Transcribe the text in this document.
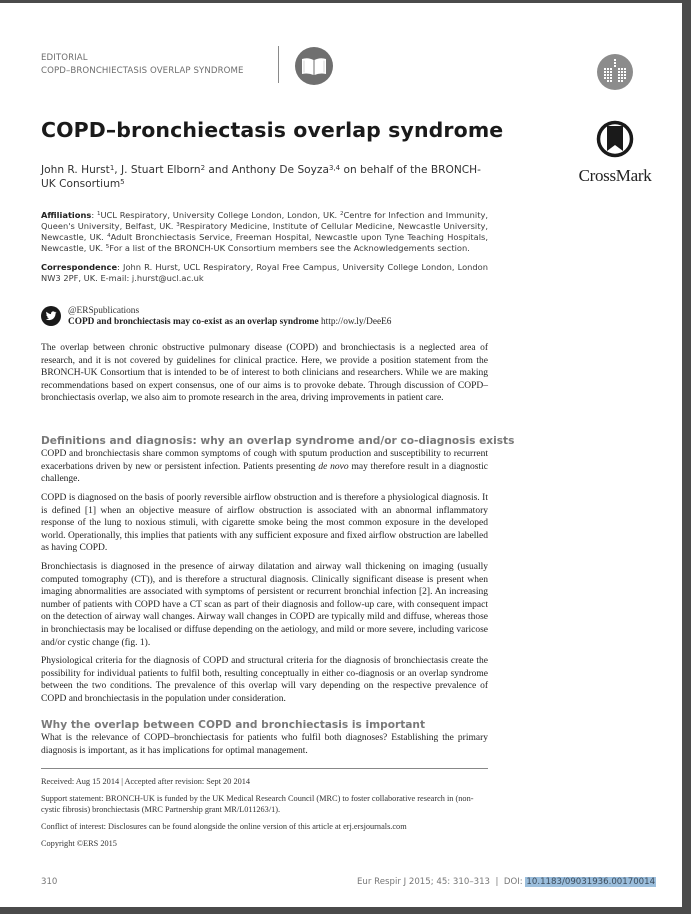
EDITORIAL
COPD–BRONCHIECTASIS OVERLAP SYNDROME
CrossMark
COPD–bronchiectasis overlap syndrome
John R. Hurst$^1$, J. Stuart Elborn$^2$ and Anthony De Soyza$^{3,4}$ on behalf of the BRONCH-UK Consortium$^5$
Affiliations: $^1$UCL Respiratory, University College London, London, UK. $^2$Centre for Infection and Immunity, Queen's University, Belfast, UK. $^3$Respiratory Medicine, Institute of Cellular Medicine, Newcastle University, Newcastle, UK. $^4$Adult Bronchiectasis Service, Freeman Hospital, Newcastle upon Tyne Teaching Hospitals, Newcastle, UK. $^5$For a list of the BRONCH-UK Consortium members see the Acknowledgements section.
Correspondence: John R. Hurst, UCL Respiratory, Royal Free Campus, University College London, London NW3 2PF, UK. E-mail: j.hurst@ucl.ac.uk
@ERSpublications
COPD and bronchiectasis may co-exist as an overlap syndrome http://ow.ly/DeeE6
The overlap between chronic obstructive pulmonary disease (COPD) and bronchiectasis is a neglected area of research, and it is not covered by guidelines for clinical practice. Here, we provide a position statement from the BRONCH-UK Consortium that is intended to be of interest to both clinicians and researchers. While we are making recommendations based on expert consensus, one of our aims is to provoke debate. Through discussion of COPD–bronchiectasis overlap, we also aim to promote research in the area, driving improvements in patient care.
Definitions and diagnosis: why an overlap syndrome and/or co-diagnosis exists
COPD and bronchiectasis share common symptoms of cough with sputum production and susceptibility to recurrent exacerbations driven by new or persistent infection. Patients presenting de novo may therefore result in a diagnostic challenge.
COPD is diagnosed on the basis of poorly reversible airflow obstruction and is therefore a physiological diagnosis. It is defined [1] when an objective measure of airflow obstruction is associated with an abnormal inflammatory response of the lung to noxious stimuli, with cigarette smoke being the most common exposure in the developed world. Operationally, this implies that patients with any sufficient exposure and fixed airflow obstruction are labelled as having COPD.
Bronchiectasis is diagnosed in the presence of airway dilatation and airway wall thickening on imaging (usually computed tomography (CT)), and is therefore a structural diagnosis. Clinically significant disease is present when imaging abnormalities are associated with symptoms of persistent or recurrent bronchial infection [2]. An increasing number of patients with COPD have a CT scan as part of their diagnosis and follow-up care, with consequent impact on the detection of airway wall changes. Airway wall changes in COPD are typically mild and diffuse, whereas those in bronchiectasis may be localised or diffuse depending on the aetiology, and mild or more severe, including varicose and/or cystic change (fig. 1).
Physiological criteria for the diagnosis of COPD and structural criteria for the diagnosis of bronchiectasis create the possibility for individual patients to fulfil both, resulting conceptually in either co-diagnosis or an overlap syndrome between the two conditions. The prevalence of this overlap will vary depending on the respective prevalence of COPD and bronchiectasis in the population under consideration.
Why the overlap between COPD and bronchiectasis is important
What is the relevance of COPD–bronchiectasis for patients who fulfil both diagnoses? Establishing the primary diagnosis is important, as it has implications for optimal management.
Received: Aug 15 2014 | Accepted after revision: Sept 20 2014
Support statement: BRONCH-UK is funded by the UK Medical Research Council (MRC) to foster collaborative research in (non-cystic fibrosis) bronchiectasis (MRC Partnership grant MR/L011263/1).
Conflict of interest: Disclosures can be found alongside the online version of this article at erj.ersjournals.com
Copyright ©ERS 2015
310	Eur Respir J 2015; 45: 310–313 | DOI: 10.1183/09031936.00170014
